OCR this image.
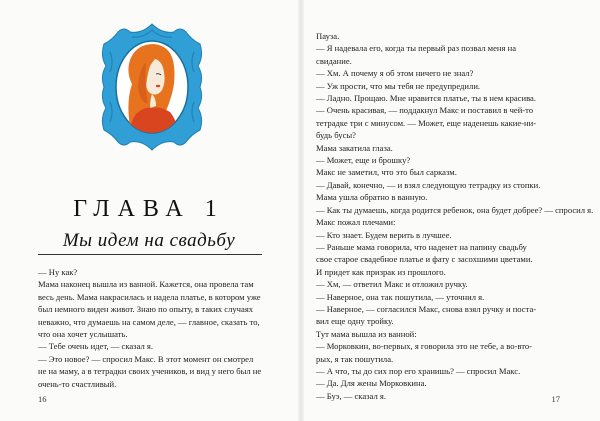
ГЛАВА 1
Мы идем на свадьбу

— Ну как?

Мама наконец вышла из ванной. Кажется, она провела там

весь день. Мама накрасилась и надела платье, в котором уже

был немного виден живот. Знаю по опыту, в таких случаях

неважно, что думаешь на самом деле, — главное, сказать то,

что она хочет услышать.

— Тебе очень идет, — сказал я.

— Это новое? — спросил Макс. В этот момент он смотрел

не на маму, а в тетрадки своих учеников, и вид у него был не

очень-то счастливый.

16

Пауза.

— Я надевала его, когда ты первый раз позвал меня на

свидание.

— Хм. А почему я об этом ничего не знал?

— Уж прости, что мы тебя не предупредили.

— Ладно. Прощаю. Мне нравится платье, ты в нем красива.

— Очень красивая, — поддакнул Макс и поставил в чей-то

тетрадке три с минусом. — Может, еще наденешь какие-ни-

будь бусы?

Мама закатила глаза.

— Может, еще и брошку?

Макс не заметил, что это был сарказм.

— Давай, конечно, — и взял следующую тетрадку из стопки.

Мама ушла обратно в ванную.

— Как ты думаешь, когда родится ребенок, она будет добрее? — спросил я.

Макс пожал плечами:

— Кто знает. Будем верить в лучшее.

— Раньше мама говорила, что наденет на папину свадьбу

свое старое свадебное платье и фату с засохшими цветами.

И придет как призрак из прошлого.

— Хм, — ответил Макс и отложил ручку.

— Наверное, она так пошутила, — уточнил я.

— Наверное, — согласился Макс, снова взял ручку и поста-

вил еще одну тройку.

Тут мама вышла из ванной:

— Морковкин, во-первых, я говорила это не тебе, а во-вто-

рых, я так пошутила.

— А что, ты до сих пор его хранишь? — спросил Макс.

— Да. Для жены Морковкина.

— Буэ, — сказал я.	17
